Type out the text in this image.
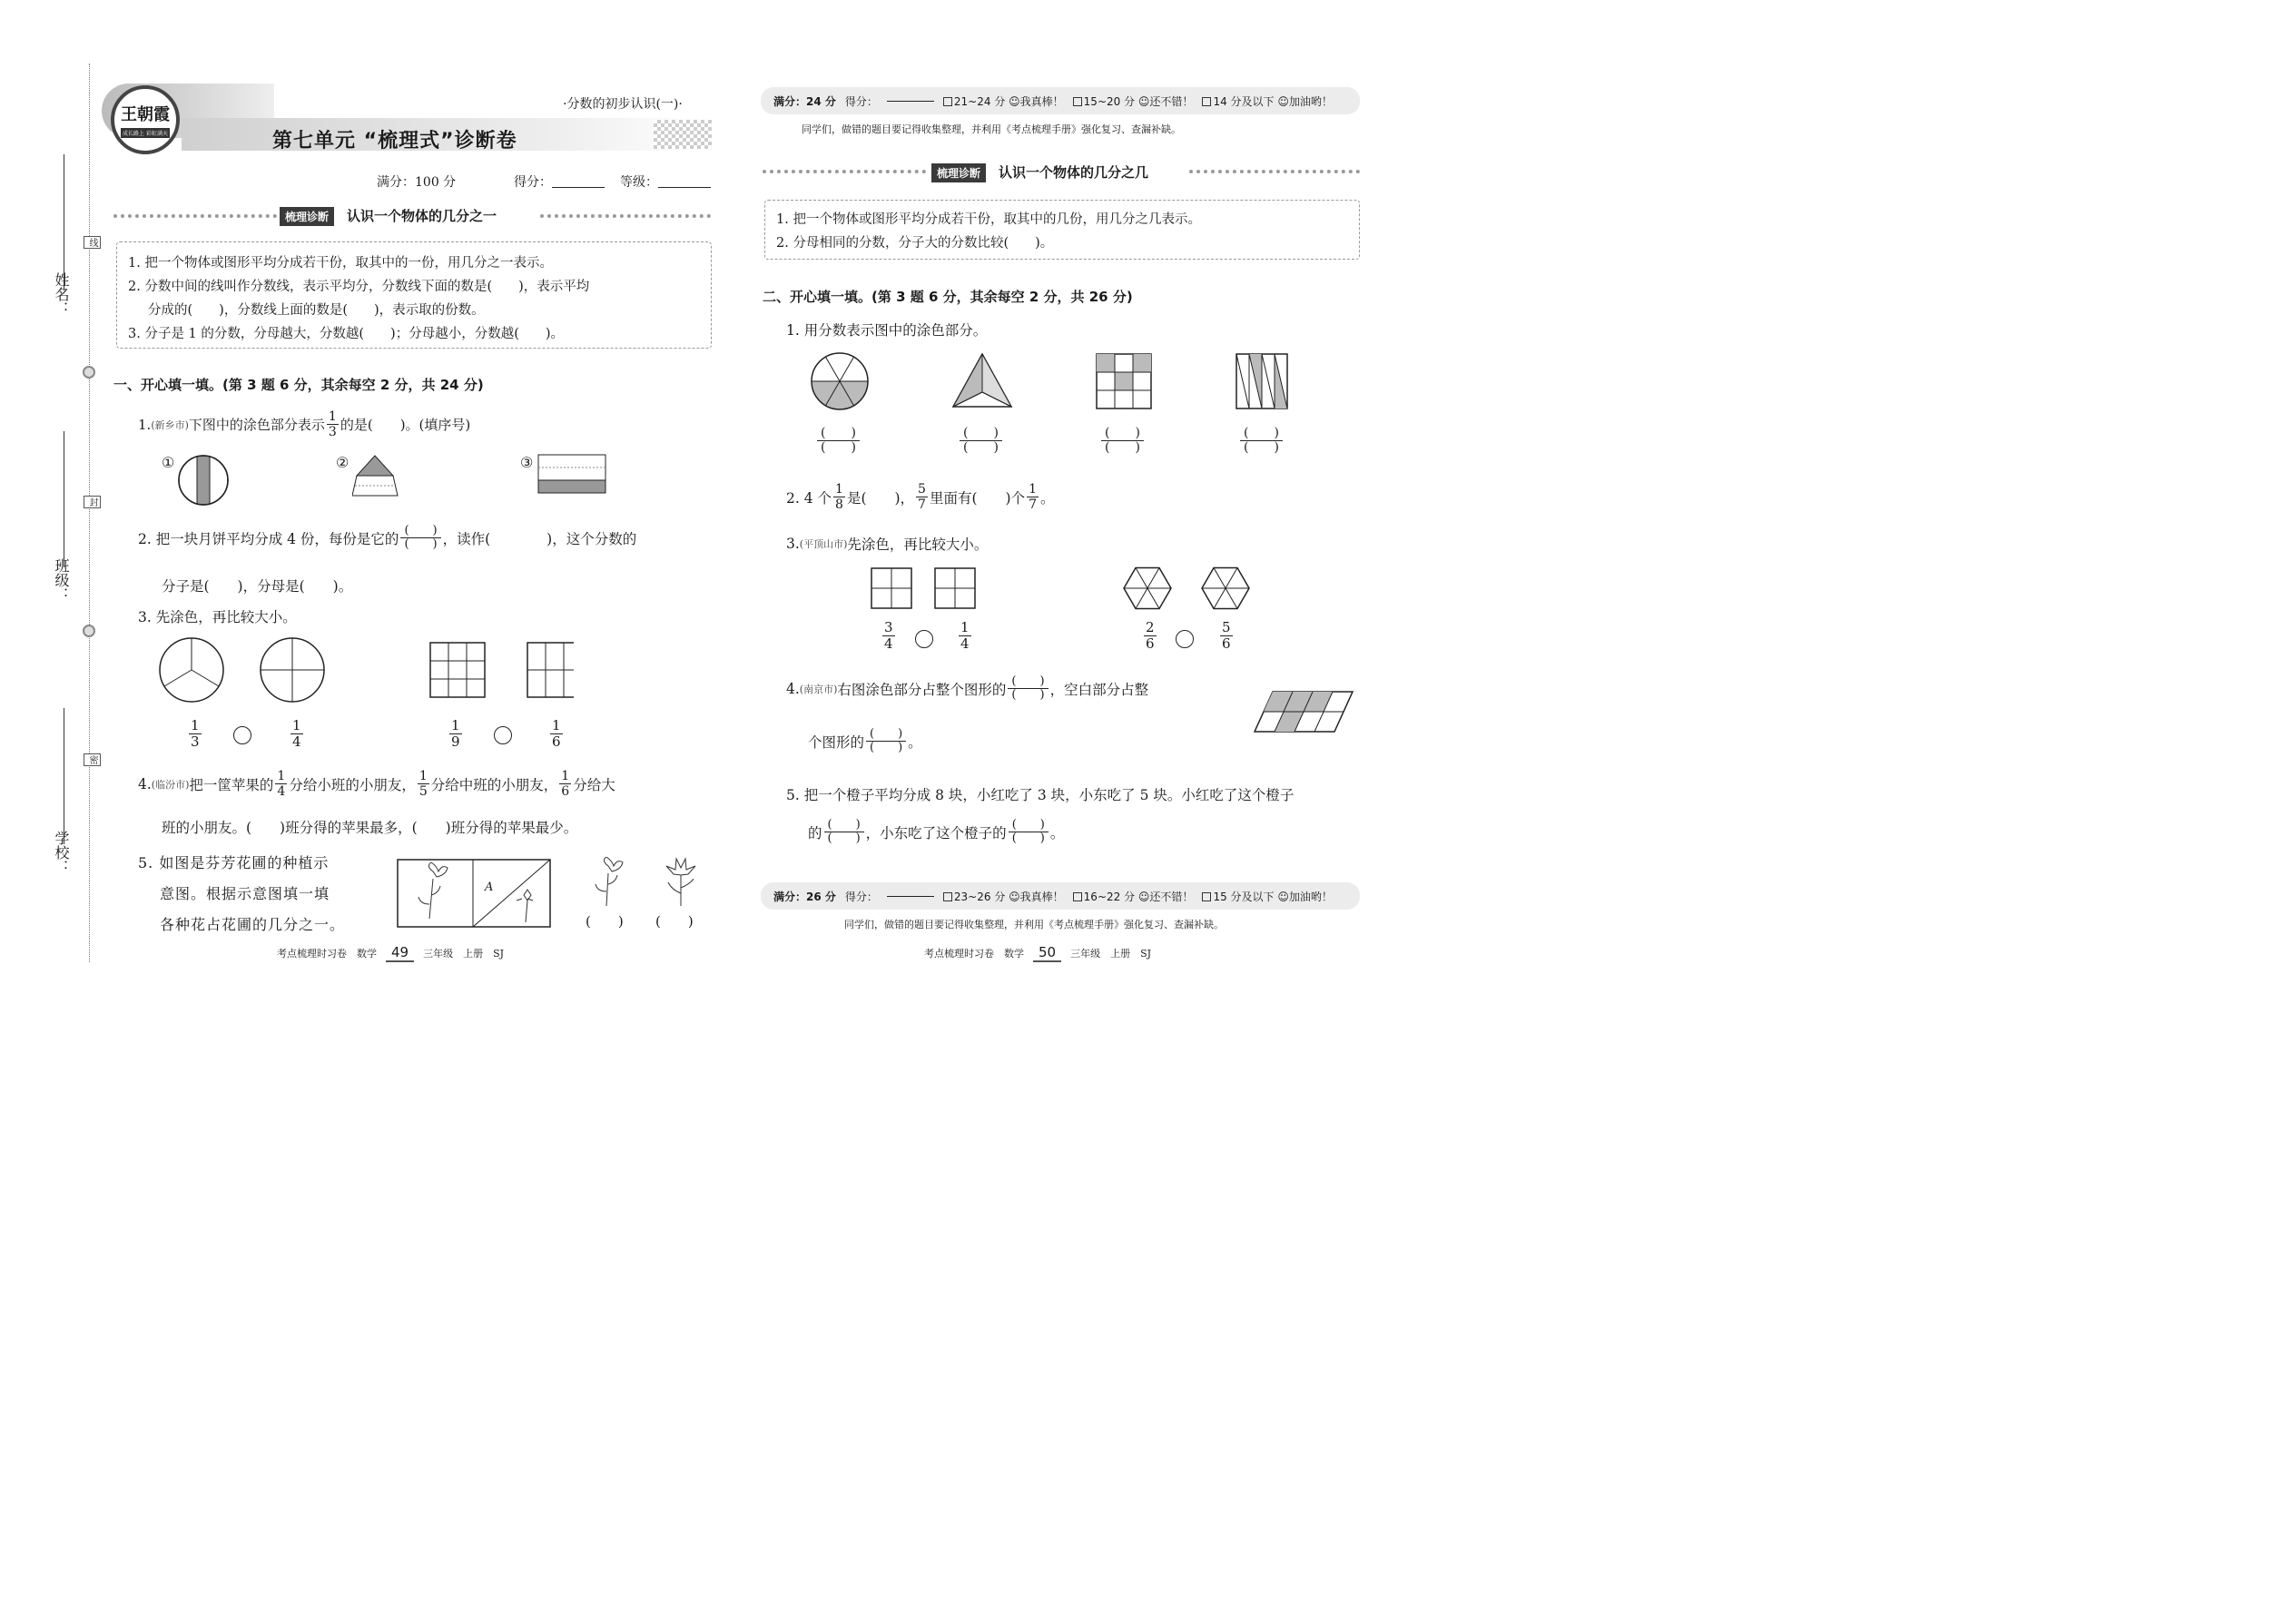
姓名：
班级：
学校：
线
封
密
王朝霞
成长路上 彩虹满天
·分数的初步认识(一)·
第七单元 “梳理式”诊断卷
满分：100 分	得分：	等级：
梳理诊断	认识一个物体的几分之一
1. 把一个物体或图形平均分成若干份，取其中的一份，用几分之一表示。
2. 分数中间的线叫作分数线，表示平均分，分数线下面的数是(　　)，表示平均
分成的(　　)，分数线上面的数是(　　)，表示取的份数。
3. 分子是 1 的分数，分母越大，分数越(　　)；分母越小，分数越(　　)。
一、开心填一填。(第 3 题 6 分，其余每空 2 分，共 24 分)
1. (新乡市) 下图中的涂色部分表示 $\frac{1}{3}$ 的是(　　)。(填序号)
①	②	③
2. 把一块月饼平均分成 4 份，每份是它的 $\frac{( )}{( )}$ ，读作(　　　　)，这个分数的
分子是(　　)，分母是(　　)。
3. 先涂色，再比较大小。
$\frac{1}{3}$	$\frac{1}{4}$	$\frac{1}{9}$	$\frac{1}{6}$
4. (临汾市) 把一筐苹果的 $\frac{1}{4}$ 分给小班的小朋友， $\frac{1}{5}$ 分给中班的小朋友， $\frac{1}{6}$ 分给大
班的小朋友。(　　)班分得的苹果最多，(　　)班分得的苹果最少。
5. 如图是芬芳花圃的种植示
意图。根据示意图填一填
各种花占花圃的几分之一。
A
(　　) (　　)
考点梳理时习卷　数学	49	三年级　上册　SJ
满分：24 分 得分：	21~24 分 ☺我真棒！	15~20 分 ☺还不错！	14 分及以下 ☺加油哟！
同学们，做错的题目要记得收集整理，并利用《考点梳理手册》强化复习、查漏补缺。
梳理诊断	认识一个物体的几分之几
1. 把一个物体或图形平均分成若干份，取其中的几份，用几分之几表示。
2. 分母相同的分数，分子大的分数比较(　　)。
二、开心填一填。(第 3 题 6 分，其余每空 2 分，共 26 分)
1. 用分数表示图中的涂色部分。
(　　)
(　　)
(　　)
(　　)
(　　)
(　　)
(　　)
(　　)
2. 4 个 $\frac{1}{8}$ 是(　　)， $\frac{5}{7}$ 里面有(　　)个 $\frac{1}{7}$ 。
3. (平顶山市) 先涂色，再比较大小。
$\frac{3}{4}$	$\frac{1}{4}$	$\frac{2}{6}$	$\frac{5}{6}$
4. (南京市) 右图涂色部分占整个图形的 $\frac{( )}{( )}$ ，空白部分占整
个图形的 $\frac{( )}{( )}$ 。
5. 把一个橙子平均分成 8 块，小红吃了 3 块，小东吃了 5 块。小红吃了这个橙子
的 $\frac{( )}{( )}$ ，小东吃了这个橙子的 $\frac{( )}{( )}$ 。
满分：26 分 得分：	23~26 分 ☺我真棒！	16~22 分 ☺还不错！	15 分及以下 ☺加油哟！
同学们，做错的题目要记得收集整理，并利用《考点梳理手册》强化复习、查漏补缺。
考点梳理时习卷　数学	50	三年级　上册　SJ
